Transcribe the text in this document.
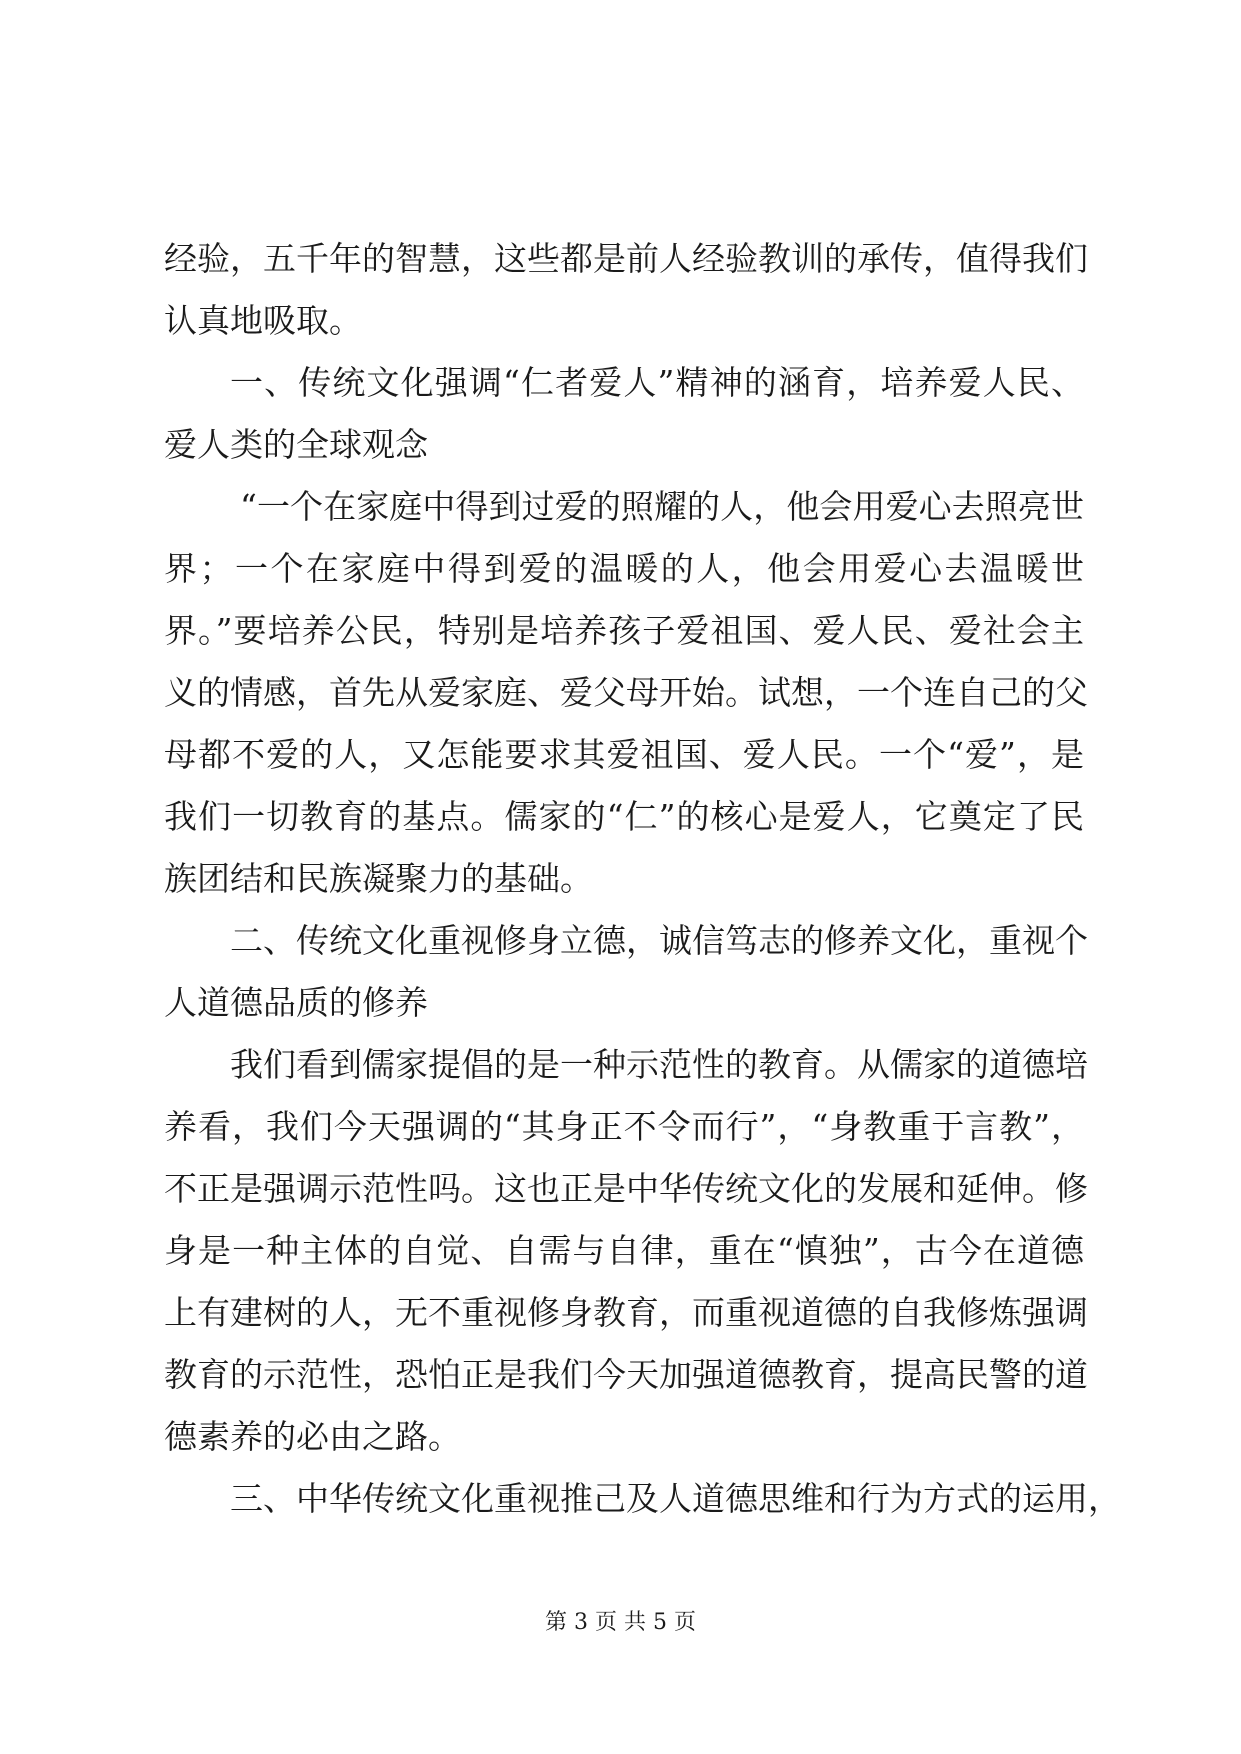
经验，五千年的智慧，这些都是前人经验教训的承传，值得我们
认真地吸取。
一、传统文化强调“仁者爱人”精神的涵育，培养爱人民、
爱人类的全球观念
“一个在家庭中得到过爱的照耀的人，他会用爱心去照亮世
界；一个在家庭中得到爱的温暖的人，他会用爱心去温暖世
界。”要培养公民，特别是培养孩子爱祖国、爱人民、爱社会主
义的情感，首先从爱家庭、爱父母开始。试想，一个连自己的父
母都不爱的人，又怎能要求其爱祖国、爱人民。一个“爱”，是
我们一切教育的基点。儒家的“仁”的核心是爱人，它奠定了民
族团结和民族凝聚力的基础。
二、传统文化重视修身立德，诚信笃志的修养文化，重视个
人道德品质的修养
我们看到儒家提倡的是一种示范性的教育。从儒家的道德培
养看，我们今天强调的“其身正不令而行”，“身教重于言教”，
不正是强调示范性吗。这也正是中华传统文化的发展和延伸。修
身是一种主体的自觉、自需与自律，重在“慎独”，古今在道德
上有建树的人，无不重视修身教育，而重视道德的自我修炼强调
教育的示范性，恐怕正是我们今天加强道德教育，提高民警的道
德素养的必由之路。
三、中华传统文化重视推己及人道德思维和行为方式的运用，
第 3 页 共 5 页
